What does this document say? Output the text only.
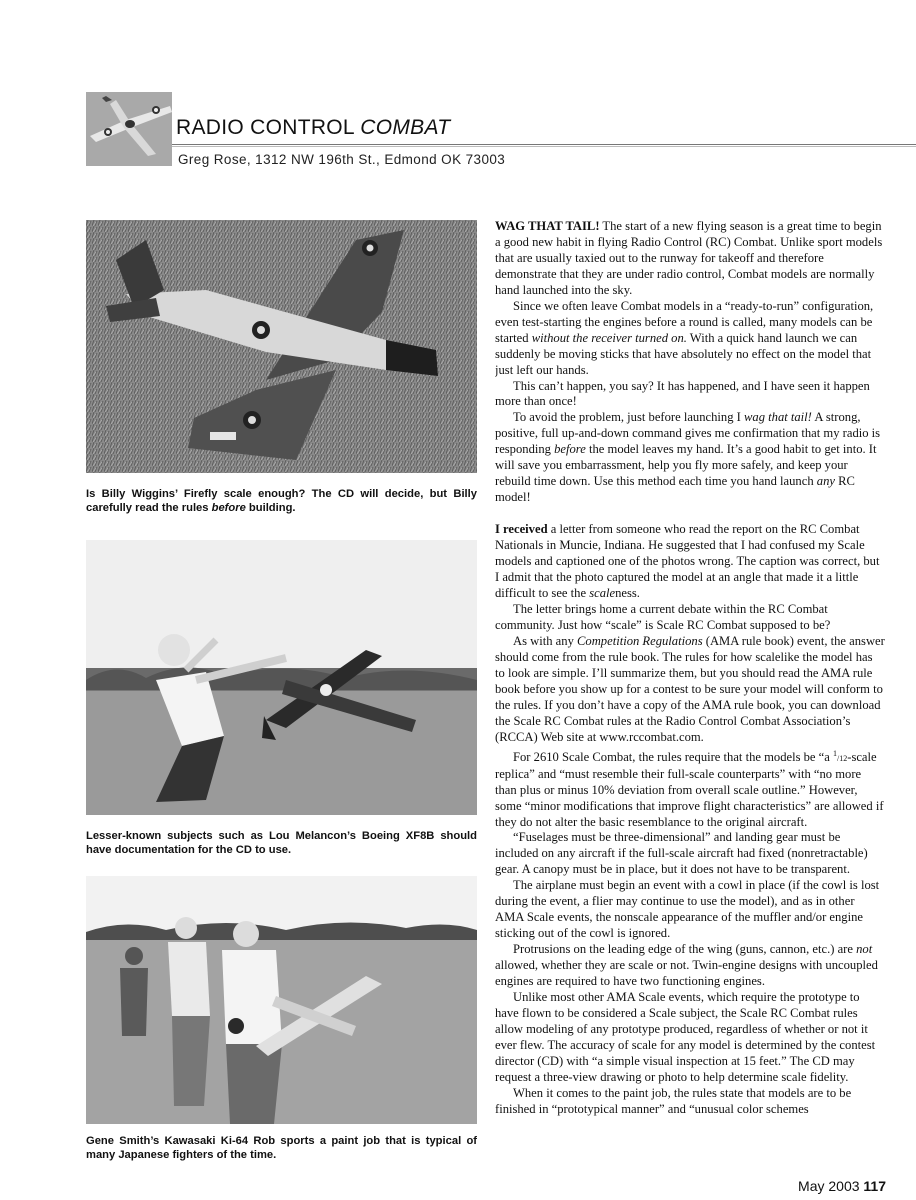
RADIO CONTROL COMBAT
Greg Rose, 1312 NW 196th St., Edmond OK 73003
Is Billy Wiggins’ Firefly scale enough? The CD will decide, but Billy carefully read the rules before building.
Lesser-known subjects such as Lou Melancon’s Boeing XF8B should have documentation for the CD to use.
Gene Smith’s Kawasaki Ki-64 Rob sports a paint job that is typical of many Japanese fighters of the time.

WAG THAT TAIL! The start of a new flying season is a great time to begin a good new habit in flying Radio Control (RC) Combat. Unlike sport models that are usually taxied out to the runway for takeoff and therefore demonstrate that they are under radio control, Combat models are normally hand launched into the sky.

Since we often leave Combat models in a “ready-to-run” configuration, even test-starting the engines before a round is called, many models can be started without the receiver turned on. With a quick hand launch we can suddenly be moving sticks that have absolutely no effect on the model that just left our hands.

This can’t happen, you say? It has happened, and I have seen it happen more than once!

To avoid the problem, just before launching I wag that tail! A strong, positive, full up-and-down command gives me confirmation that my radio is responding before the model leaves my hand. It’s a good habit to get into. It will save you embarrassment, help you fly more safely, and keep your rebuild time down. Use this method each time you hand launch any RC model!

I received a letter from someone who read the report on the RC Combat Nationals in Muncie, Indiana. He suggested that I had confused my Scale models and captioned one of the photos wrong. The caption was correct, but I admit that the photo captured the model at an angle that made it a little difficult to see the scaleness.

The letter brings home a current debate within the RC Combat community. Just how “scale” is Scale RC Combat supposed to be?

As with any Competition Regulations (AMA rule book) event, the answer should come from the rule book. The rules for how scalelike the model has to look are simple. I’ll summarize them, but you should read the AMA rule book before you show up for a contest to be sure your model will conform to the rules. If you don’t have a copy of the AMA rule book, you can download the Scale RC Combat rules at the Radio Control Combat Association’s (RCCA) Web site at www.rccombat.com.

For 2610 Scale Combat, the rules require that the models be “a $^1$/12-scale replica” and “must resemble their full-scale counterparts” with “no more than plus or minus 10% deviation from overall scale outline.” However, some “minor modifications that improve flight characteristics” are allowed if they do not alter the basic resemblance to the original aircraft.

“Fuselages must be three-dimensional” and landing gear must be included on any aircraft if the full-scale aircraft had fixed (nonretractable) gear. A canopy must be in place, but it does not have to be transparent.

The airplane must begin an event with a cowl in place (if the cowl is lost during the event, a flier may continue to use the model), and as in other AMA Scale events, the nonscale appearance of the muffler and/or engine sticking out of the cowl is ignored.

Protrusions on the leading edge of the wing (guns, cannon, etc.) are not allowed, whether they are scale or not. Twin-engine designs with uncoupled engines are required to have two functioning engines.

Unlike most other AMA Scale events, which require the prototype to have flown to be considered a Scale subject, the Scale RC Combat rules allow modeling of any prototype produced, regardless of whether or not it ever flew. The accuracy of scale for any model is determined by the contest director (CD) with “a simple visual inspection at 15 feet.” The CD may request a three-view drawing or photo to help determine scale fidelity.

When it comes to the paint job, the rules state that models are to be finished in “prototypical manner” and “unusual color schemes

May 2003 117
